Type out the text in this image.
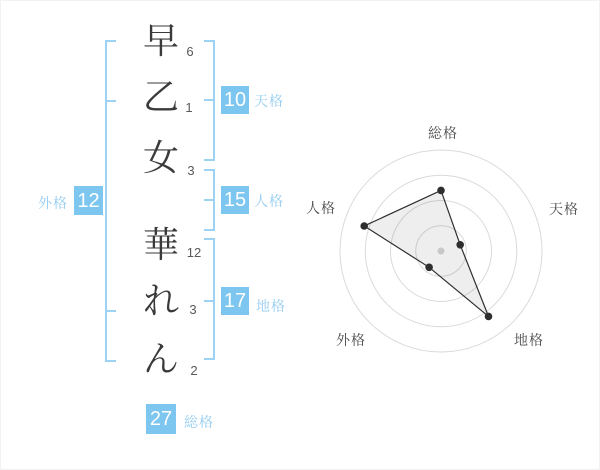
早
乙
女
華
れ
ん
6
1
3
12
3
2
10 天格
15 人格
17 地格
12
外格
27 総格
総格
天格
地格
外格
人格
